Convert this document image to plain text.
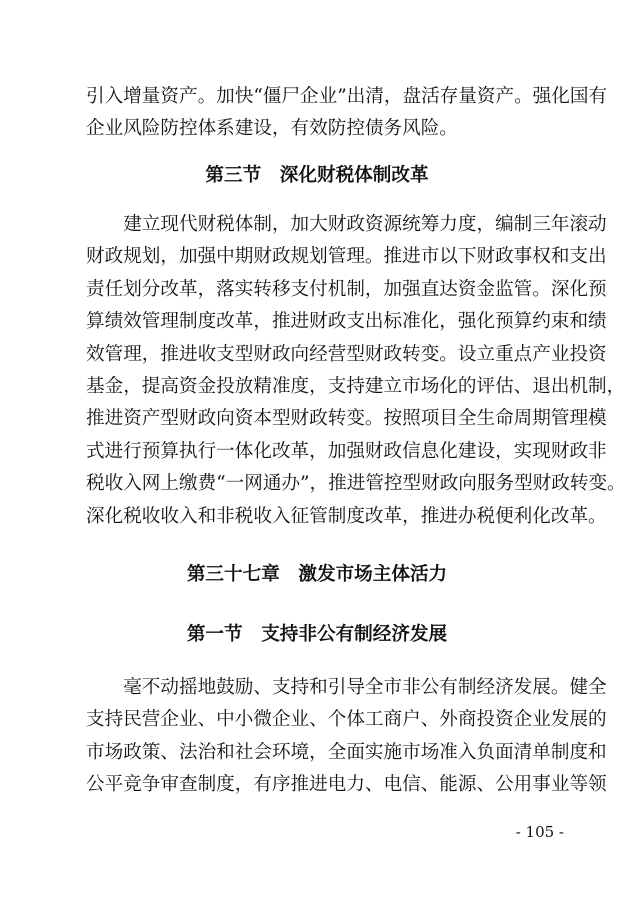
引入增量资产。加快“僵尸企业”出清，盘活存量资产。强化国有
企业风险防控体系建设，有效防控债务风险。
第三节　深化财税体制改革
　　建立现代财税体制，加大财政资源统筹力度，编制三年滚动
财政规划，加强中期财政规划管理。推进市以下财政事权和支出
责任划分改革，落实转移支付机制，加强直达资金监管。深化预
算绩效管理制度改革，推进财政支出标准化，强化预算约束和绩
效管理，推进收支型财政向经营型财政转变。设立重点产业投资
基金，提高资金投放精准度，支持建立市场化的评估、退出机制，
推进资产型财政向资本型财政转变。按照项目全生命周期管理模
式进行预算执行一体化改革，加强财政信息化建设，实现财政非
税收入网上缴费“一网通办”，推进管控型财政向服务型财政转变。
深化税收收入和非税收入征管制度改革，推进办税便利化改革。
第三十七章　激发市场主体活力
第一节　支持非公有制经济发展
　　毫不动摇地鼓励、支持和引导全市非公有制经济发展。健全
支持民营企业、中小微企业、个体工商户、外商投资企业发展的
市场政策、法治和社会环境，全面实施市场准入负面清单制度和
公平竞争审查制度，有序推进电力、电信、能源、公用事业等领
- 105 -
